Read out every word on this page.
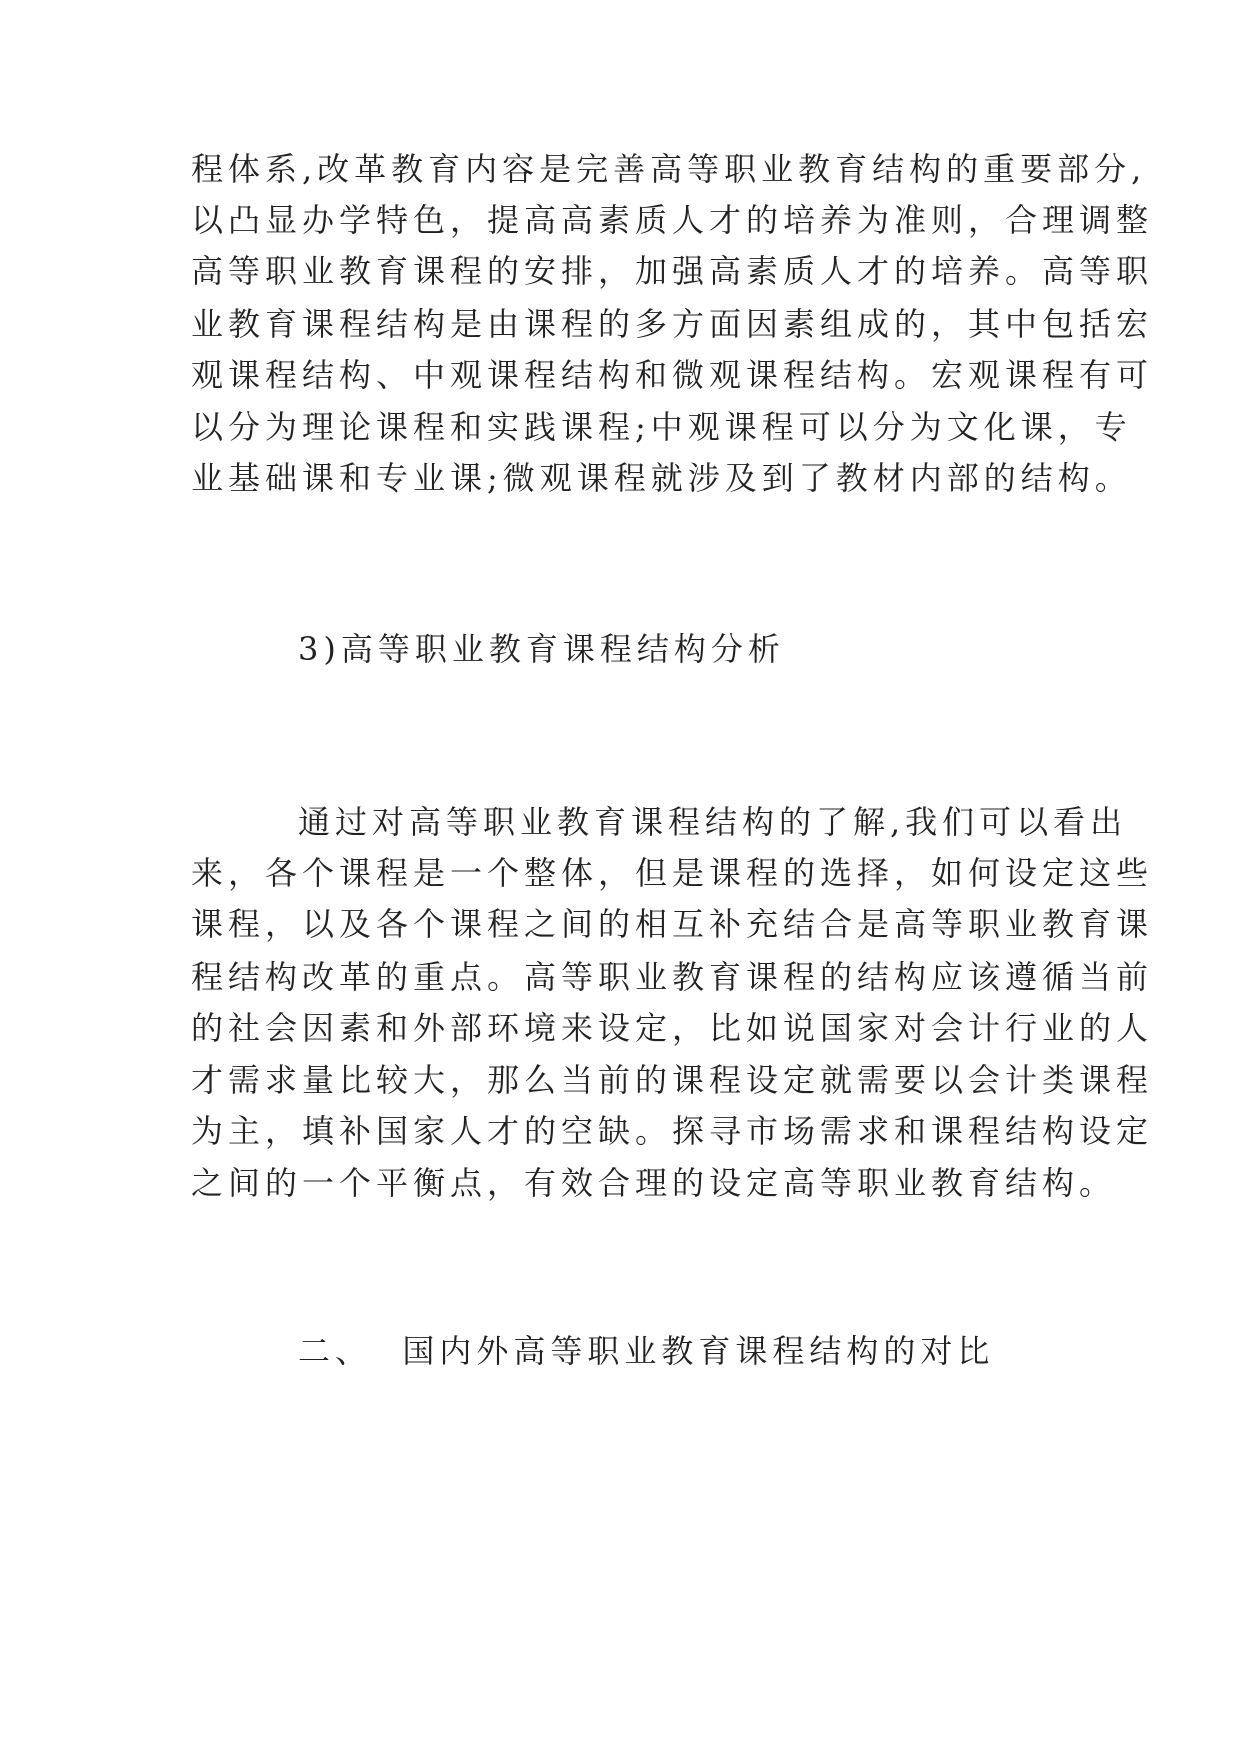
程体系,改革教育内容是完善高等职业教育结构的重要部分,
以凸显办学特色，提高高素质人才的培养为准则，合理调整
高等职业教育课程的安排，加强高素质人才的培养。高等职
业教育课程结构是由课程的多方面因素组成的，其中包括宏
观课程结构、中观课程结构和微观课程结构。宏观课程有可
以分为理论课程和实践课程;中观课程可以分为文化课，专
业基础课和专业课;微观课程就涉及到了教材内部的结构。
3)高等职业教育课程结构分析
通过对高等职业教育课程结构的了解,我们可以看出
来，各个课程是一个整体，但是课程的选择，如何设定这些
课程，以及各个课程之间的相互补充结合是高等职业教育课
程结构改革的重点。高等职业教育课程的结构应该遵循当前
的社会因素和外部环境来设定，比如说国家对会计行业的人
才需求量比较大，那么当前的课程设定就需要以会计类课程
为主，填补国家人才的空缺。探寻市场需求和课程结构设定
之间的一个平衡点，有效合理的设定高等职业教育结构。
二、  国内外高等职业教育课程结构的对比
